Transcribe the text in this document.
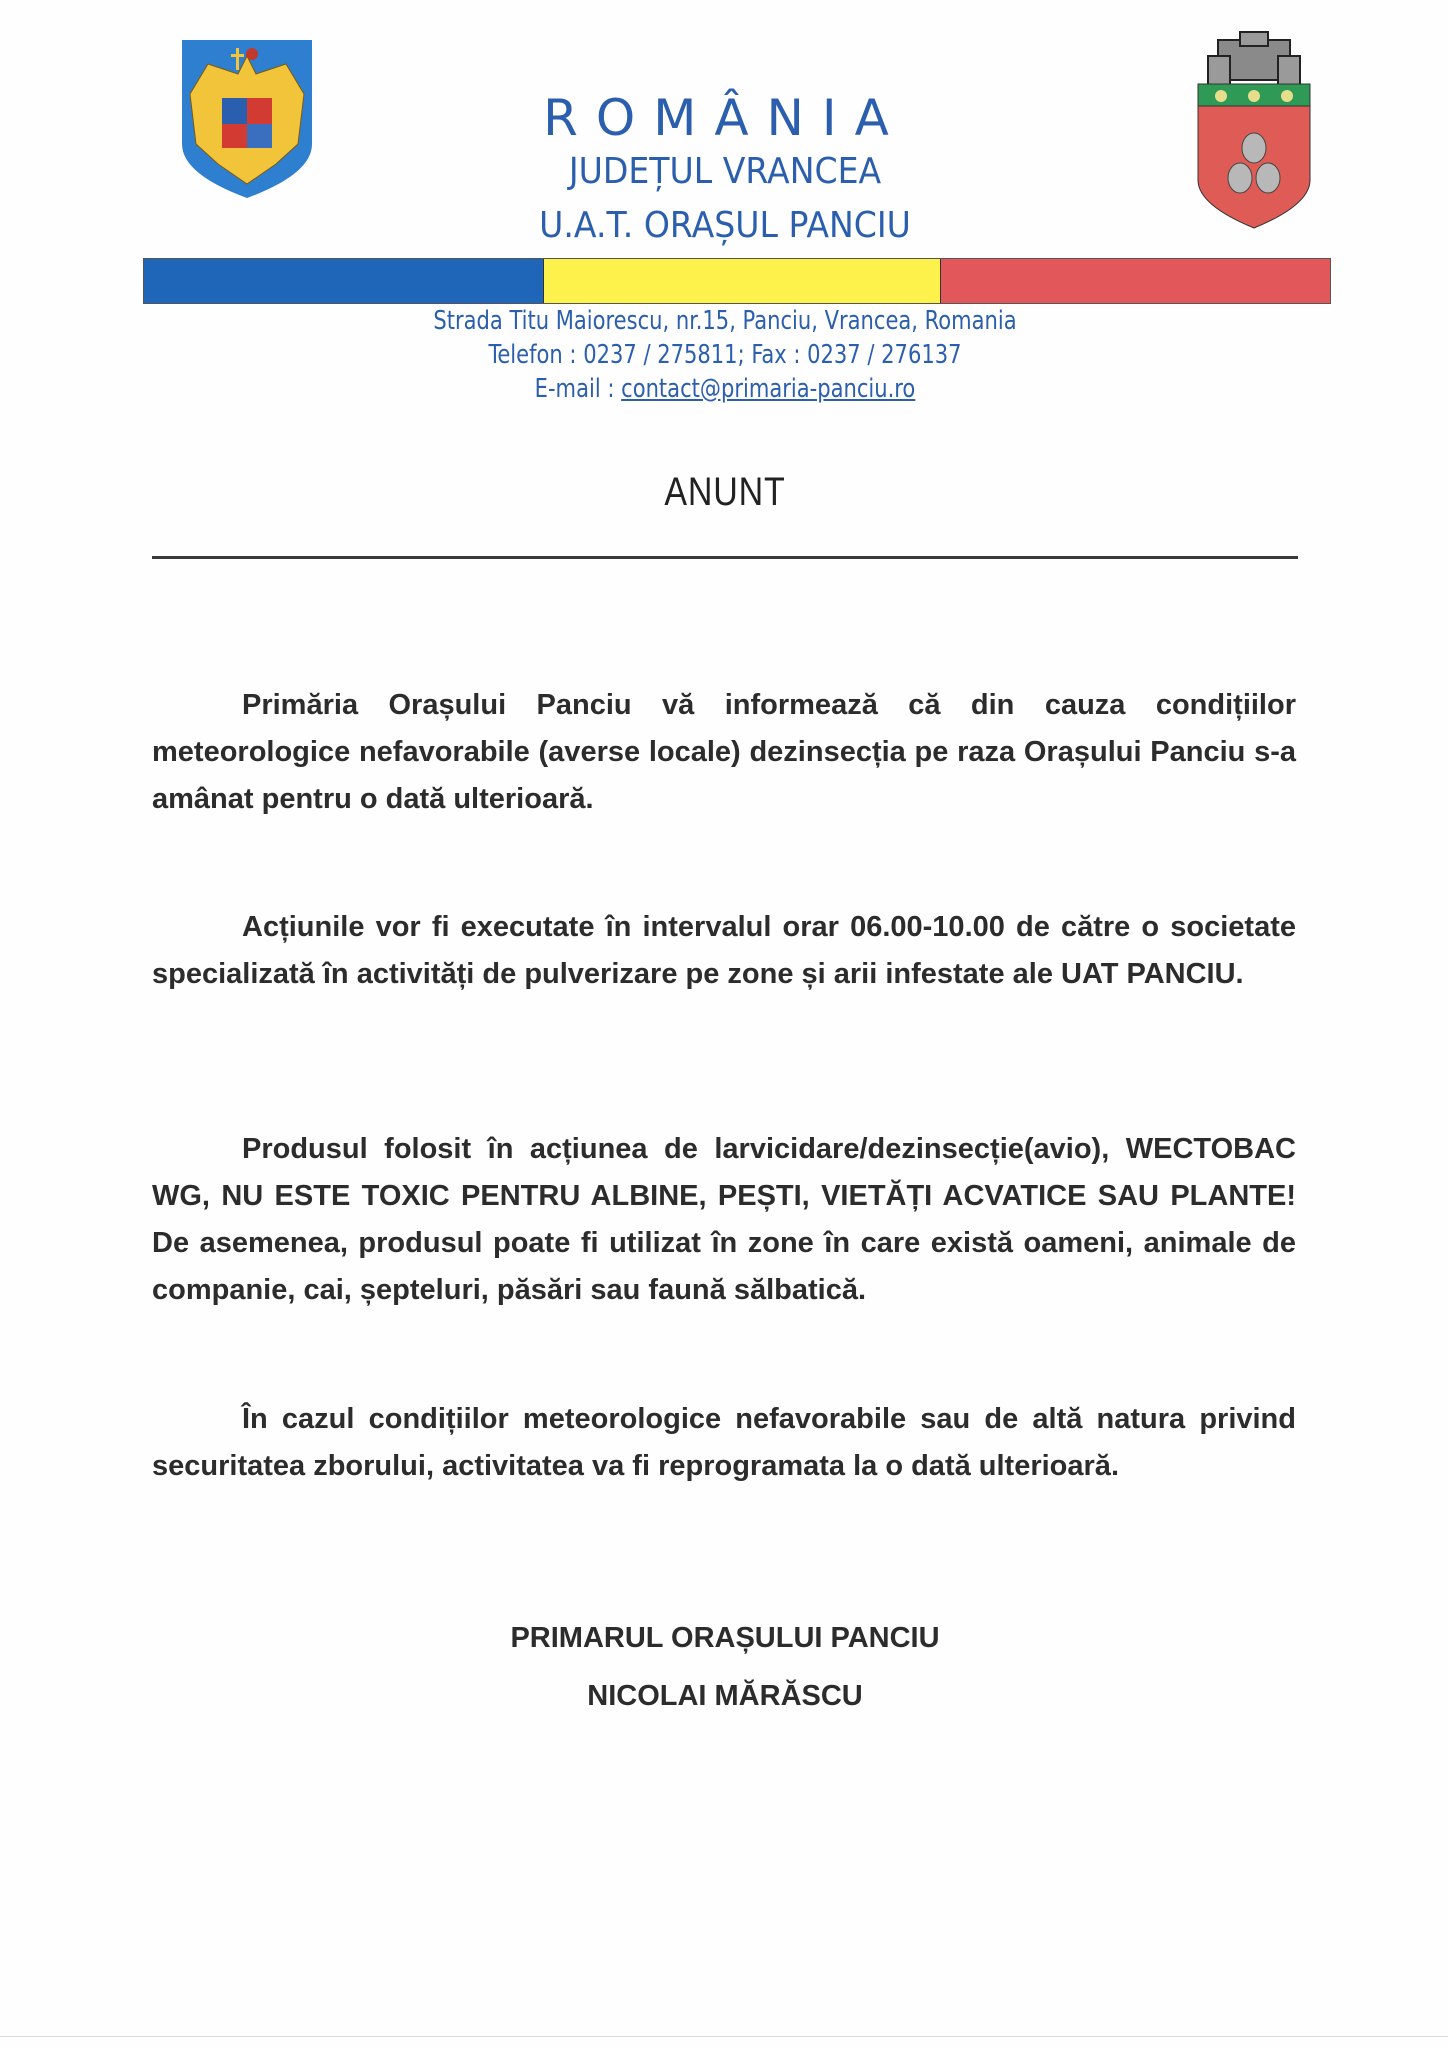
ROMÂNIA
JUDEȚUL VRANCEA
U.A.T. ORAȘUL PANCIU
Strada Titu Maiorescu, nr.15, Panciu, Vrancea, Romania
Telefon : 0237 / 275811; Fax : 0237 / 276137
E-mail : contact@primaria-panciu.ro
ANUNT
Primăria Orașului Panciu vă informează că din cauza condițiilor meteorologice nefavorabile (averse locale) dezinsecția pe raza Orașului Panciu s-a amânat pentru o dată ulterioară.
Acțiunile vor fi executate în intervalul orar 06.00-10.00 de către o societate specializată în activități de pulverizare pe zone și arii infestate ale UAT PANCIU.
Produsul folosit în acțiunea de larvicidare/dezinsecție(avio), WECTOBAC WG, NU ESTE TOXIC PENTRU ALBINE, PEȘTI, VIETĂȚI ACVATICE SAU PLANTE! De asemenea, produsul poate fi utilizat în zone în care există oameni, animale de companie, cai, șepteluri, păsări sau faună sălbatică.
În cazul condițiilor meteorologice nefavorabile sau de altă natura privind securitatea zborului, activitatea va fi reprogramata la o dată ulterioară.
PRIMARUL ORAȘULUI PANCIU
NICOLAI MĂRĂSCU
